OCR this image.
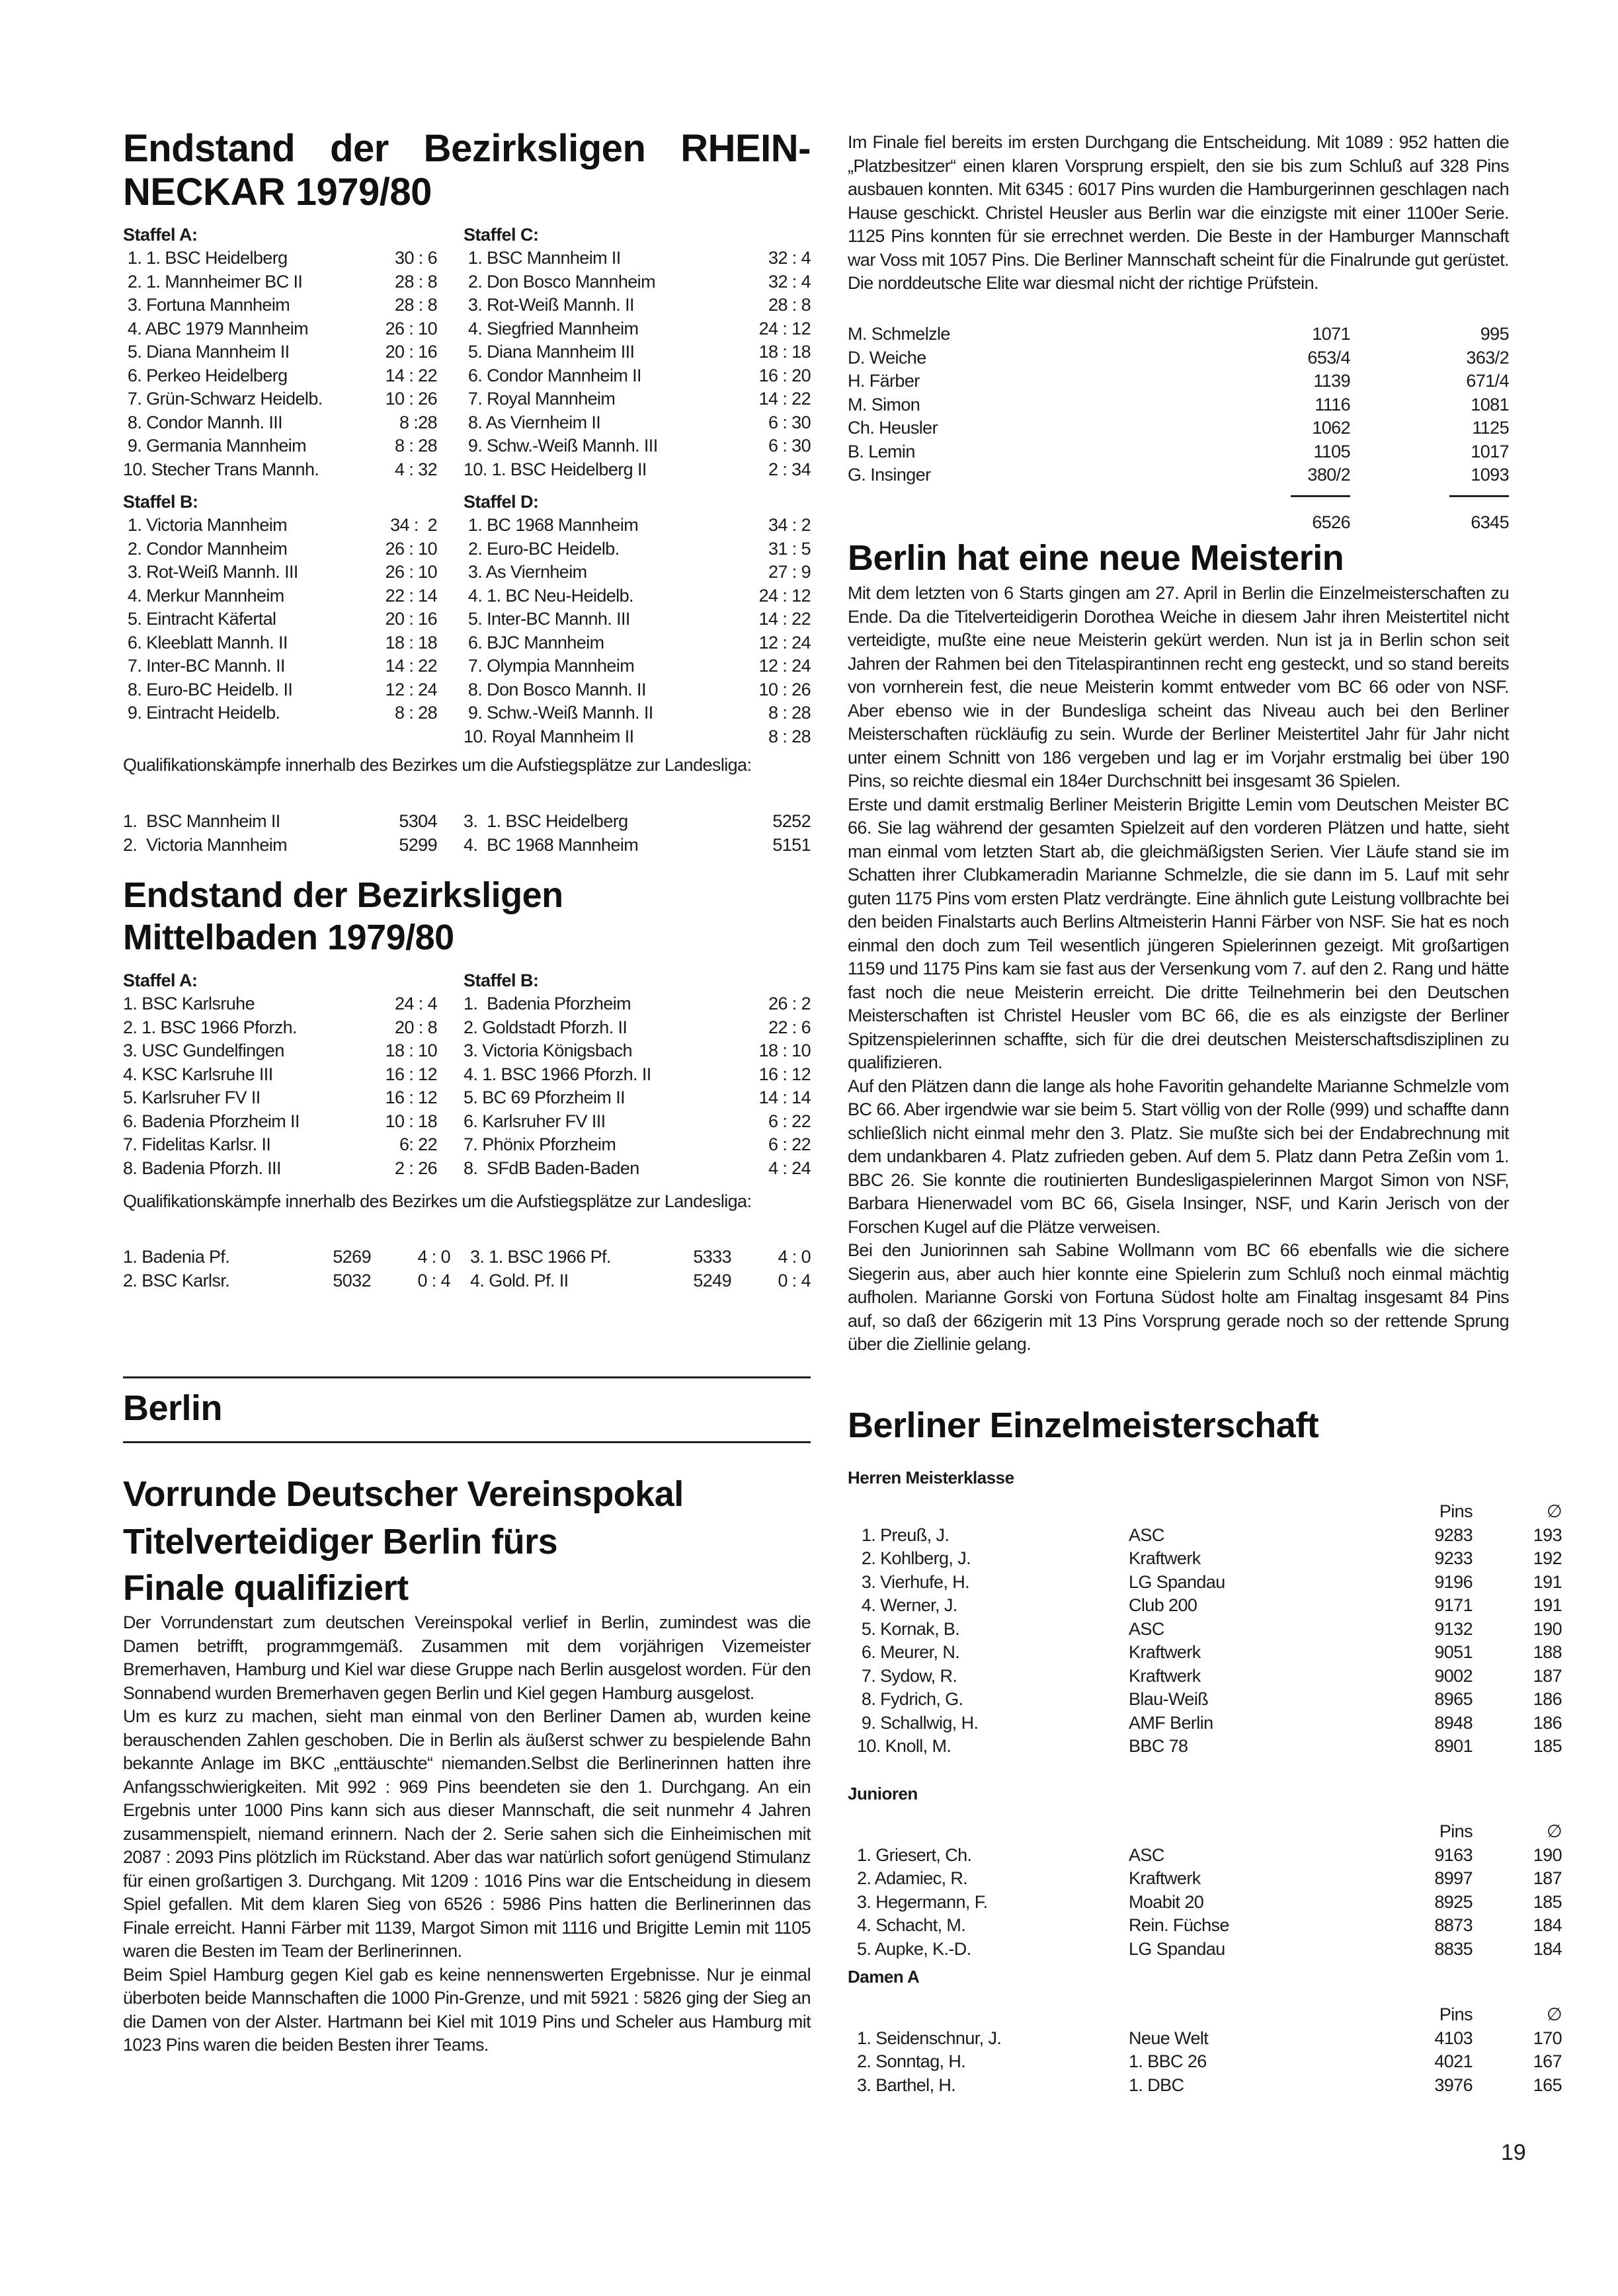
Endstand der Bezirksligen RHEIN-
NECKAR 1979/80
Staffel A:
1. 1. BSC Heidelberg	30 : 6
2. 1. Mannheimer BC II	28 : 8
3. Fortuna Mannheim	28 : 8
4. ABC 1979 Mannheim	26 : 10
5. Diana Mannheim II	20 : 16
6. Perkeo Heidelberg	14 : 22
7. Grün-Schwarz Heidelb.	10 : 26
8. Condor Mannh. III	8 :28
9. Germania Mannheim	8 : 28
10. Stecher Trans Mannh.	4 : 32
Staffel C:
1. BSC Mannheim II	32 : 4
2. Don Bosco Mannheim	32 : 4
3. Rot-Weiß Mannh. II	28 : 8
4. Siegfried Mannheim	24 : 12
5. Diana Mannheim III	18 : 18
6. Condor Mannheim II	16 : 20
7. Royal Mannheim	14 : 22
8. As Viernheim II	6 : 30
9. Schw.-Weiß Mannh. III	6 : 30
10. 1. BSC Heidelberg II	2 : 34
Staffel B:
1. Victoria Mannheim	34 :  2
2. Condor Mannheim	26 : 10
3. Rot-Weiß Mannh. III	26 : 10
4. Merkur Mannheim	22 : 14
5. Eintracht Käfertal	20 : 16
6. Kleeblatt Mannh. II	18 : 18
7. Inter-BC Mannh. II	14 : 22
8. Euro-BC Heidelb. II	12 : 24
9. Eintracht Heidelb.	8 : 28
Staffel D:
1. BC 1968 Mannheim	34 : 2
2. Euro-BC Heidelb.	31 : 5
3. As Viernheim	27 : 9
4. 1. BC Neu-Heidelb.	24 : 12
5. Inter-BC Mannh. III	14 : 22
6. BJC Mannheim	12 : 24
7. Olympia Mannheim	12 : 24
8. Don Bosco Mannh. II	10 : 26
9. Schw.-Weiß Mannh. II	8 : 28
10. Royal Mannheim II	8 : 28

Qualifikationskämpfe innerhalb des Bezirkes um die Aufstiegsplätze zur Landesliga:

1.  BSC Mannheim II	5304
2.  Victoria Mannheim	5299
3.  1. BSC Heidelberg	5252
4.  BC 1968 Mannheim	5151
Endstand der Bezirksligen
Mittelbaden 1979/80
Staffel A:
1. BSC Karlsruhe	24 : 4
2. 1. BSC 1966 Pforzh.	20 : 8
3. USC Gundelfingen	18 : 10
4. KSC Karlsruhe III	16 : 12
5. Karlsruher FV II	16 : 12
6. Badenia Pforzheim II	10 : 18
7. Fidelitas Karlsr. II	6: 22
8. Badenia Pforzh. III	2 : 26
Staffel B:
1.  Badenia Pforzheim	26 : 2
2. Goldstadt Pforzh. II	22 : 6
3. Victoria Königsbach	18 : 10
4. 1. BSC 1966 Pforzh. II	16 : 12
5. BC 69 Pforzheim II	14 : 14
6. Karlsruher FV III	6 : 22
7. Phönix Pforzheim	6 : 22
8.  SFdB Baden-Baden	4 : 24

Qualifikationskämpfe innerhalb des Bezirkes um die Aufstiegsplätze zur Landesliga:

1. Badenia Pf.	5269	4 : 0
2. BSC Karlsr.	5032	0 : 4
3. 1. BSC 1966 Pf.	5333	4 : 0
4. Gold. Pf. II	5249	0 : 4
Berlin
Vorrunde Deutscher Vereinspokal
Titelverteidiger Berlin fürs
Finale qualifiziert

Der Vorrundenstart zum deutschen Vereinspokal verlief in Berlin, zumindest was die Damen betrifft, programmgemäß. Zusammen mit dem vorjährigen Vizemeister Bremerhaven, Hamburg und Kiel war diese Gruppe nach Berlin ausgelost worden. Für den Sonnabend wurden Bremerhaven gegen Berlin und Kiel gegen Hamburg ausgelost.

Um es kurz zu machen, sieht man einmal von den Berliner Damen ab, wurden keine berauschenden Zahlen geschoben. Die in Berlin als äußerst schwer zu bespielende Bahn bekannte Anlage im BKC „enttäuschte“ niemanden.Selbst die Berlinerinnen hatten ihre Anfangsschwierigkeiten. Mit 992 : 969 Pins beendeten sie den 1. Durchgang. An ein Ergebnis unter 1000 Pins kann sich aus dieser Mannschaft, die seit nunmehr 4 Jahren zusammenspielt, niemand erinnern. Nach der 2. Serie sahen sich die Einheimischen mit 2087 : 2093 Pins plötzlich im Rückstand. Aber das war natürlich sofort genügend Stimulanz für einen großartigen 3. Durchgang. Mit 1209 : 1016 Pins war die Entscheidung in diesem Spiel gefallen. Mit dem klaren Sieg von 6526 : 5986 Pins hatten die Berlinerinnen das Finale erreicht. Hanni Färber mit 1139, Margot Simon mit 1116 und Brigitte Lemin mit 1105 waren die Besten im Team der Berlinerinnen.

Beim Spiel Hamburg gegen Kiel gab es keine nennenswerten Ergebnisse. Nur je einmal überboten beide Mannschaften die 1000 Pin-Grenze, und mit 5921 : 5826 ging der Sieg an die Damen von der Alster. Hartmann bei Kiel mit 1019 Pins und Scheler aus Hamburg mit 1023 Pins waren die beiden Besten ihrer Teams.

Im Finale fiel bereits im ersten Durchgang die Entscheidung. Mit 1089 : 952 hatten die „Platzbesitzer“ einen klaren Vorsprung erspielt, den sie bis zum Schluß auf 328 Pins ausbauen konnten. Mit 6345 : 6017 Pins wurden die Hamburgerinnen geschlagen nach Hause geschickt. Christel Heusler aus Berlin war die einzigste mit einer 1100er Serie. 1125 Pins konnten für sie errechnet werden. Die Beste in der Hamburger Mannschaft war Voss mit 1057 Pins. Die Berliner Mannschaft scheint für die Finalrunde gut gerüstet. Die norddeutsche Elite war diesmal nicht der richtige Prüfstein.

M. Schmelzle	1071	995
D. Weiche	653/4	363/2
H. Färber	1139	671/4
M. Simon	1116	1081
Ch. Heusler	1062	1125
B. Lemin	1105	1017
G. Insinger	380/2	1093
6526	6345
Berlin hat eine neue Meisterin

Mit dem letzten von 6 Starts gingen am 27. April in Berlin die Einzelmeisterschaften zu Ende. Da die Titelverteidigerin Dorothea Weiche in diesem Jahr ihren Meistertitel nicht verteidigte, mußte eine neue Meisterin gekürt werden. Nun ist ja in Berlin schon seit Jahren der Rahmen bei den Titelaspirantinnen recht eng gesteckt, und so stand bereits von vornherein fest, die neue Meisterin kommt entweder vom BC 66 oder von NSF. Aber ebenso wie in der Bundesliga scheint das Niveau auch bei den Berliner Meisterschaften rückläufig zu sein. Wurde der Berliner Meistertitel Jahr für Jahr nicht unter einem Schnitt von 186 vergeben und lag er im Vorjahr erstmalig bei über 190 Pins, so reichte diesmal ein 184er Durchschnitt bei insgesamt 36 Spielen.

Erste und damit erstmalig Berliner Meisterin Brigitte Lemin vom Deutschen Meister BC 66. Sie lag während der gesamten Spielzeit auf den vorderen Plätzen und hatte, sieht man einmal vom letzten Start ab, die gleichmäßigsten Serien. Vier Läufe stand sie im Schatten ihrer Clubkameradin Marianne Schmelzle, die sie dann im 5. Lauf mit sehr guten 1175 Pins vom ersten Platz verdrängte. Eine ähnlich gute Leistung vollbrachte bei den beiden Finalstarts auch Berlins Altmeisterin Hanni Färber von NSF. Sie hat es noch einmal den doch zum Teil wesentlich jüngeren Spielerinnen gezeigt. Mit großartigen 1159 und 1175 Pins kam sie fast aus der Versenkung vom 7. auf den 2. Rang und hätte fast noch die neue Meisterin erreicht. Die dritte Teilnehmerin bei den Deutschen Meisterschaften ist Christel Heusler vom BC 66, die es als einzigste der Berliner Spitzenspielerinnen schaffte, sich für die drei deutschen Meisterschaftsdisziplinen zu qualifizieren.

Auf den Plätzen dann die lange als hohe Favoritin gehandelte Marianne Schmelzle vom BC 66. Aber irgendwie war sie beim 5. Start völlig von der Rolle (999) und schaffte dann schließlich nicht einmal mehr den 3. Platz. Sie mußte sich bei der Endabrechnung mit dem undankbaren 4. Platz zufrieden geben. Auf dem 5. Platz dann Petra Zeßin vom 1. BBC 26. Sie konnte die routinierten Bundesligaspielerinnen Margot Simon von NSF, Barbara Hienerwadel vom BC 66, Gisela Insinger, NSF, und Karin Jerisch von der Forschen Kugel auf die Plätze verweisen.

Bei den Juniorinnen sah Sabine Wollmann vom BC 66 ebenfalls wie die sichere Siegerin aus, aber auch hier konnte eine Spielerin zum Schluß noch einmal mächtig aufholen. Marianne Gorski von Fortuna Südost holte am Finaltag insgesamt 84 Pins auf, so daß der 66zigerin mit 13 Pins Vorsprung gerade noch so der rettende Sprung über die Ziellinie gelang.

Berliner Einzelmeisterschaft
Herren Meisterklasse
Pins	∅
1. Preuß, J.	ASC	9283	193
2. Kohlberg, J.	Kraftwerk	9233	192
3. Vierhufe, H.	LG Spandau	9196	191
4. Werner, J.	Club 200	9171	191
5. Kornak, B.	ASC	9132	190
6. Meurer, N.	Kraftwerk	9051	188
7. Sydow, R.	Kraftwerk	9002	187
8. Fydrich, G.	Blau-Weiß	8965	186
9. Schallwig, H.	AMF Berlin	8948	186
10. Knoll, M.	BBC 78	8901	185
Junioren
Pins	∅
1. Griesert, Ch.	ASC	9163	190
2. Adamiec, R.	Kraftwerk	8997	187
3. Hegermann, F.	Moabit 20	8925	185
4. Schacht, M.	Rein. Füchse	8873	184
5. Aupke, K.-D.	LG Spandau	8835	184
Damen A
Pins	∅
1. Seidenschnur, J.	Neue Welt	4103	170
2. Sonntag, H.	1. BBC 26	4021	167
3. Barthel, H.	1. DBC	3976	165
19
